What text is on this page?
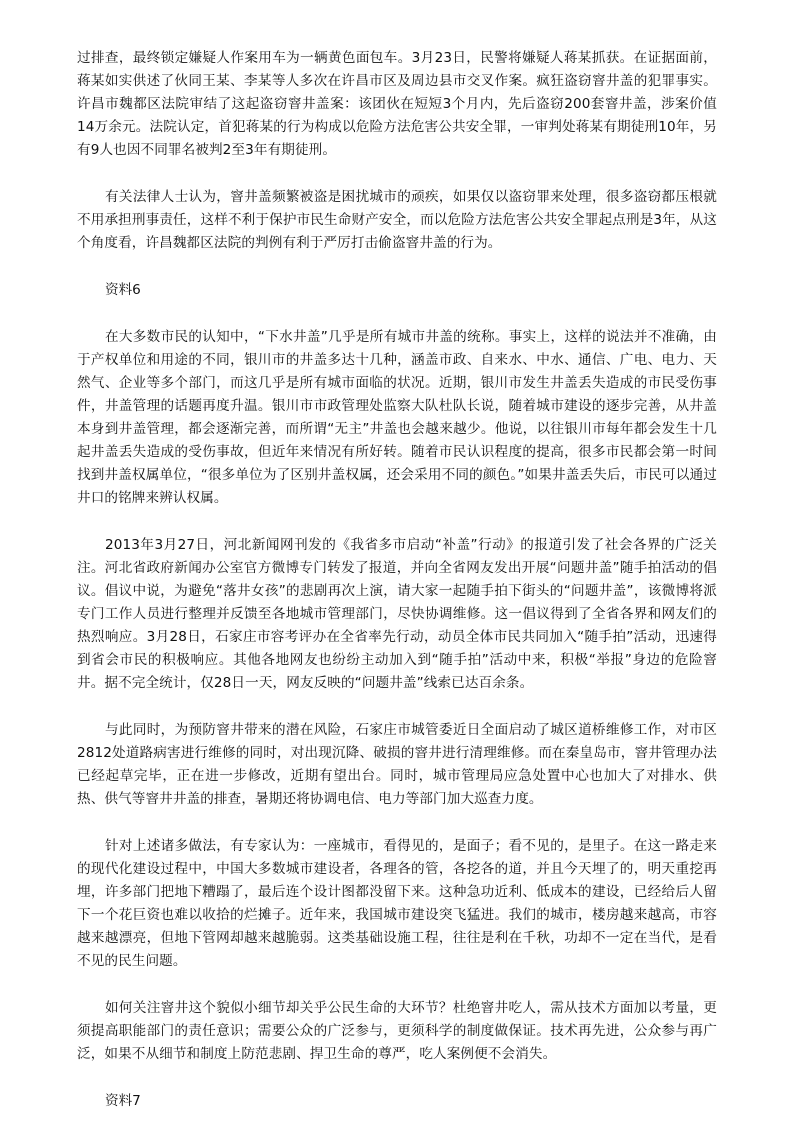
过排查，最终锁定嫌疑人作案用车为一辆黄色面包车。3月23日，民警将嫌疑人蒋某抓获。在证据面前，蒋某如实供述了伙同王某、李某等人多次在许昌市区及周边县市交叉作案。疯狂盗窃窨井盖的犯罪事实。许昌市魏都区法院审结了这起盗窃窨井盖案：该团伙在短短3个月内，先后盗窃200套窨井盖，涉案价值14万余元。法院认定，首犯蒋某的行为构成以危险方法危害公共安全罪，一审判处蒋某有期徒刑10年，另有9人也因不同罪名被判2至3年有期徒刑。

有关法律人士认为，窨井盖频繁被盗是困扰城市的顽疾，如果仅以盗窃罪来处理，很多盗窃都压根就不用承担刑事责任，这样不利于保护市民生命财产安全，而以危险方法危害公共安全罪起点刑是3年，从这个角度看，许昌魏都区法院的判例有利于严厉打击偷盗窨井盖的行为。

资料6

在大多数市民的认知中，“下水井盖”几乎是所有城市井盖的统称。事实上，这样的说法并不准确，由于产权单位和用途的不同，银川市的井盖多达十几种，涵盖市政、自来水、中水、通信、广电、电力、天然气、企业等多个部门，而这几乎是所有城市面临的状况。近期，银川市发生井盖丢失造成的市民受伤事件，井盖管理的话题再度升温。银川市市政管理处监察大队杜队长说，随着城市建设的逐步完善，从井盖本身到井盖管理，都会逐渐完善，而所谓“无主”井盖也会越来越少。他说，以往银川市每年都会发生十几起井盖丢失造成的受伤事故，但近年来情况有所好转。随着市民认识程度的提高，很多市民都会第一时间找到井盖权属单位，“很多单位为了区别井盖权属，还会采用不同的颜色。”如果井盖丢失后，市民可以通过井口的铭牌来辨认权属。

2013年3月27日，河北新闻网刊发的《我省多市启动“补盖”行动》的报道引发了社会各界的广泛关注。河北省政府新闻办公室官方微博专门转发了报道，并向全省网友发出开展“问题井盖”随手拍活动的倡议。倡议中说，为避免“落井女孩”的悲剧再次上演，请大家一起随手拍下街头的“问题井盖”，该微博将派专门工作人员进行整理并反馈至各地城市管理部门，尽快协调维修。这一倡议得到了全省各界和网友们的热烈响应。3月28日，石家庄市容考评办在全省率先行动，动员全体市民共同加入“随手拍”活动，迅速得到省会市民的积极响应。其他各地网友也纷纷主动加入到“随手拍”活动中来，积极“举报”身边的危险窨井。据不完全统计，仅28日一天，网友反映的“问题井盖”线索已达百余条。

与此同时，为预防窨井带来的潜在风险，石家庄市城管委近日全面启动了城区道桥维修工作，对市区2812处道路病害进行维修的同时，对出现沉降、破损的窨井进行清理维修。而在秦皇岛市，窨井管理办法已经起草完毕，正在进一步修改，近期有望出台。同时，城市管理局应急处置中心也加大了对排水、供热、供气等窨井井盖的排查，暑期还将协调电信、电力等部门加大巡查力度。

针对上述诸多做法，有专家认为：一座城市，看得见的，是面子；看不见的，是里子。在这一路走来的现代化建设过程中，中国大多数城市建设者，各理各的管，各挖各的道，并且今天埋了的，明天重挖再埋，许多部门把地下糟蹋了，最后连个设计图都没留下来。这种急功近利、低成本的建设，已经给后人留下一个花巨资也难以收拾的烂摊子。近年来，我国城市建设突飞猛进。我们的城市，楼房越来越高，市容越来越漂亮，但地下管网却越来越脆弱。这类基础设施工程，往往是利在千秋，功却不一定在当代，是看不见的民生问题。

如何关注窨井这个貌似小细节却关乎公民生命的大环节？杜绝窨井吃人，需从技术方面加以考量，更须提高职能部门的责任意识；需要公众的广泛参与，更须科学的制度做保证。技术再先进，公众参与再广泛，如果不从细节和制度上防范悲剧、捍卫生命的尊严，吃人案例便不会消失。

资料7
